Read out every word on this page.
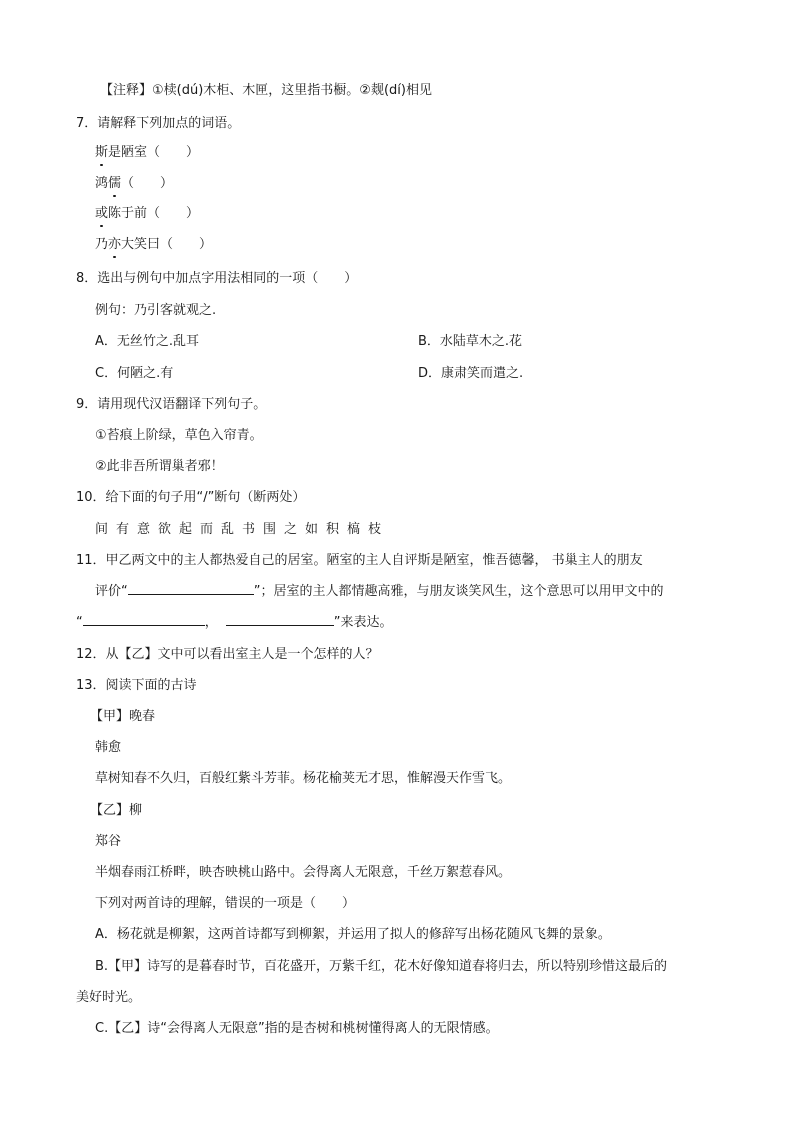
【注释】①椟(dú)木柜、木匣，这里指书橱。②觌(dí)相见
7．请解释下列加点的词语。
斯是陋室（　　）
鸿儒（　　）
或陈于前（　　）
乃亦大笑曰（　　）
8．选出与例句中加点字用法相同的一项（　　）
例句：乃引客就观之.
A．无丝竹之.乱耳	B．水陆草木之.花
C．何陋之.有	D．康肃笑而遣之.
9．请用现代汉语翻译下列句子。
①苔痕上阶绿，草色入帘青。
②此非吾所谓巢者邪！
10．给下面的句子用“/”断句（断两处）
间有意欲起而乱书围之如积槁枝
11．甲乙两文中的主人都热爱自己的居室。陋室的主人自评斯是陋室，惟吾德馨， 书巢主人的朋友
评价“	”；居室的主人都情趣高雅，与朋友谈笑风生，这个意思可以用甲文中的
“	，	”来表达。
12．从【乙】文中可以看出室主人是一个怎样的人？
13．阅读下面的古诗
【甲】晚春
韩愈
草树知春不久归，百般红紫斗芳菲。杨花榆荚无才思，惟解漫天作雪飞。
【乙】柳
郑谷
半烟春雨江桥畔，映杏映桃山路中。会得离人无限意，千丝万絮惹春风。
下列对两首诗的理解，错误的一项是（　　）
A．杨花就是柳絮，这两首诗都写到柳絮，并运用了拟人的修辞写出杨花随风飞舞的景象。
B.【甲】诗写的是暮春时节，百花盛开，万紫千红，花木好像知道春将归去，所以特别珍惜这最后的
美好时光。
C.【乙】诗“会得离人无限意”指的是杏树和桃树懂得离人的无限情感。
